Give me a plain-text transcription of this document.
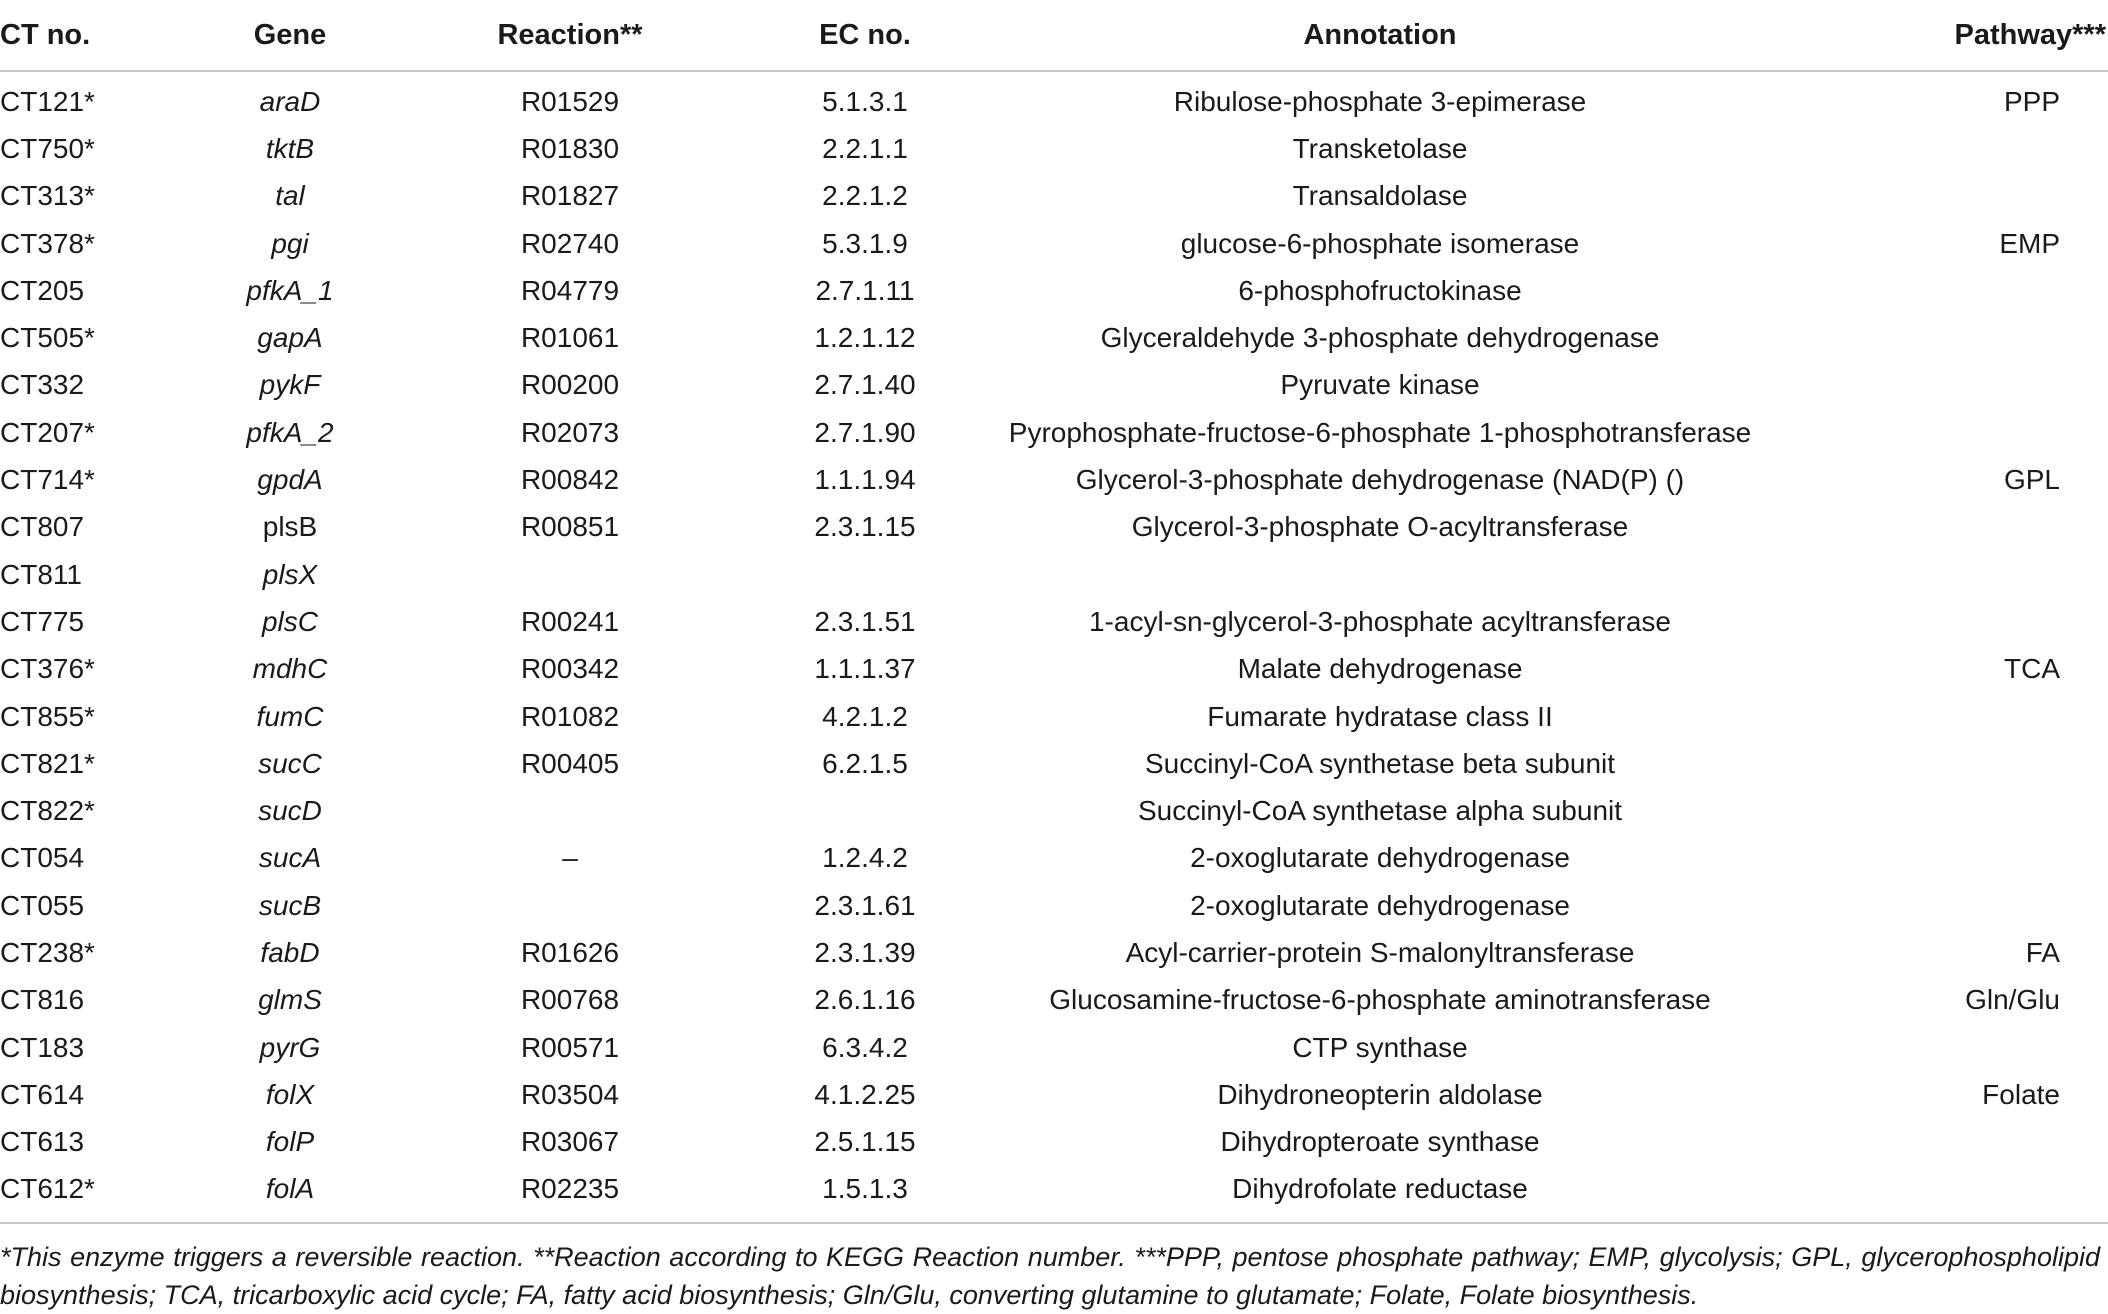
CT no.	Gene	Reaction**	EC no.	Annotation	Pathway***
CT121*	araD	R01529	5.1.3.1	Ribulose-phosphate 3-epimerase	PPP
CT750*	tktB	R01830	2.2.1.1	Transketolase	
CT313*	tal	R01827	2.2.1.2	Transaldolase	
CT378*	pgi	R02740	5.3.1.9	glucose-6-phosphate isomerase	EMP
CT205	pfkA_1	R04779	2.7.1.11	6-phosphofructokinase	
CT505*	gapA	R01061	1.2.1.12	Glyceraldehyde 3-phosphate dehydrogenase	
CT332	pykF	R00200	2.7.1.40	Pyruvate kinase	
CT207*	pfkA_2	R02073	2.7.1.90	Pyrophosphate-fructose-6-phosphate 1-phosphotransferase	
CT714*	gpdA	R00842	1.1.1.94	Glycerol-3-phosphate dehydrogenase (NAD(P) ()	GPL
CT807	plsB	R00851	2.3.1.15	Glycerol-3-phosphate O-acyltransferase	
CT811	plsX				
CT775	plsC	R00241	2.3.1.51	1-acyl-sn-glycerol-3-phosphate acyltransferase	
CT376*	mdhC	R00342	1.1.1.37	Malate dehydrogenase	TCA
CT855*	fumC	R01082	4.2.1.2	Fumarate hydratase class II	
CT821*	sucC	R00405	6.2.1.5	Succinyl-CoA synthetase beta subunit	
CT822*	sucD			Succinyl-CoA synthetase alpha subunit	
CT054	sucA	–	1.2.4.2	2-oxoglutarate dehydrogenase	
CT055	sucB		2.3.1.61	2-oxoglutarate dehydrogenase	
CT238*	fabD	R01626	2.3.1.39	Acyl-carrier-protein S-malonyltransferase	FA
CT816	glmS	R00768	2.6.1.16	Glucosamine-fructose-6-phosphate aminotransferase	Gln/Glu
CT183	pyrG	R00571	6.3.4.2	CTP synthase	
CT614	folX	R03504	4.1.2.25	Dihydroneopterin aldolase	Folate
CT613	folP	R03067	2.5.1.15	Dihydropteroate synthase	
CT612*	folA	R02235	1.5.1.3	Dihydrofolate reductase	
*This enzyme triggers a reversible reaction. **Reaction according to KEGG Reaction number. ***PPP, pentose phosphate pathway; EMP, glycolysis; GPL, glycerophospholipid biosynthesis; TCA, tricarboxylic acid cycle; FA, fatty acid biosynthesis; Gln/Glu, converting glutamine to glutamate; Folate, Folate biosynthesis.
